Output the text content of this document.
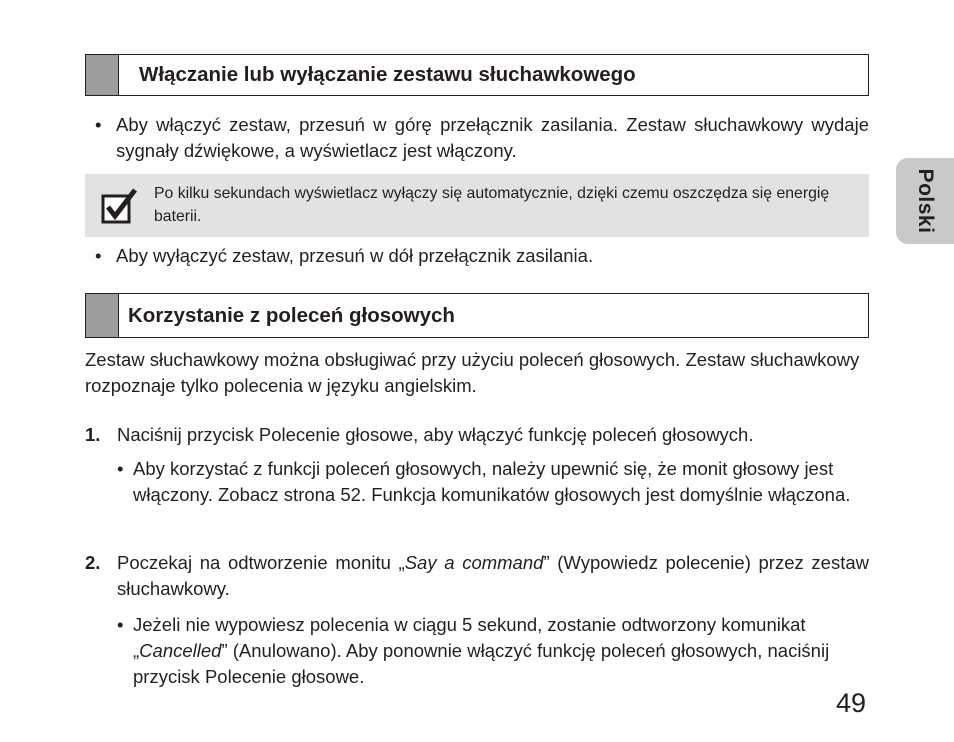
Polski
Włączanie lub wyłączanie zestawu słuchawkowego
• Aby włączyć zestaw, przesuń w górę przełącznik zasilania. Zestaw słuchawkowy wydaje sygnały dźwiękowe, a wyświetlacz jest włączony.
Po kilku sekundach wyświetlacz wyłączy się automatycznie, dzięki czemu oszczędza się energię baterii.
• Aby wyłączyć zestaw, przesuń w dół przełącznik zasilania.
Korzystanie z poleceń głosowych
Zestaw słuchawkowy można obsługiwać przy użyciu poleceń głosowych. Zestaw słuchawkowy rozpoznaje tylko polecenia w języku angielskim.
1. Naciśnij przycisk Polecenie głosowe, aby włączyć funkcję poleceń głosowych.
• Aby korzystać z funkcji poleceń głosowych, należy upewnić się, że monit głosowy jest włączony. Zobacz strona 52. Funkcja komunikatów głosowych jest domyślnie włączona.
2. Poczekaj na odtworzenie monitu „Say a command” (Wypowiedz polecenie) przez zestaw słuchawkowy.
• Jeżeli nie wypowiesz polecenia w ciągu 5 sekund, zostanie odtworzony komunikat „Cancelled” (Anulowano). Aby ponownie włączyć funkcję poleceń głosowych, naciśnij przycisk Polecenie głosowe.
49
